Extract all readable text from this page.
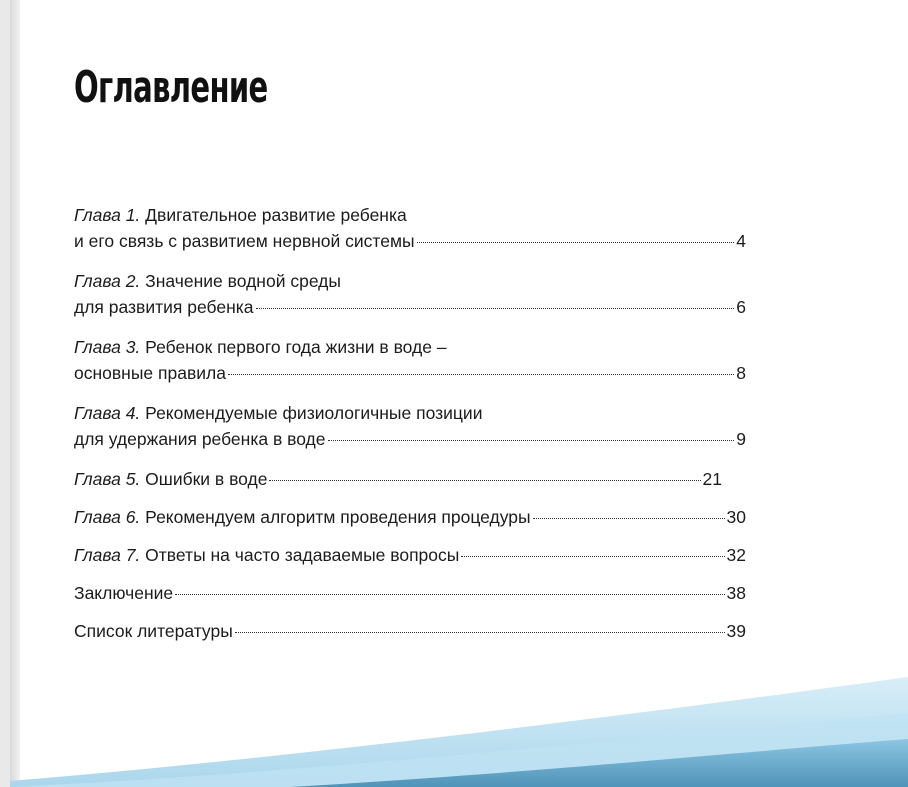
Оглавление
Глава 1.
Двигательное развитие ребенка
и его связь с развитием нервной системы	4
Глава 2.
Значение водной среды
для развития ребенка	6
Глава 3.
Ребенок первого года жизни в воде –
основные правила	8
Глава 4.
Рекомендуемые физиологичные позиции
для удержания ребенка в воде	9
Глава 5.
Ошибки в воде	21
Глава 6.
Рекомендуем алгоритм проведения процедуры	30
Глава 7.
Ответы на часто задаваемые вопросы	32
Заключение	38
Список литературы	39
